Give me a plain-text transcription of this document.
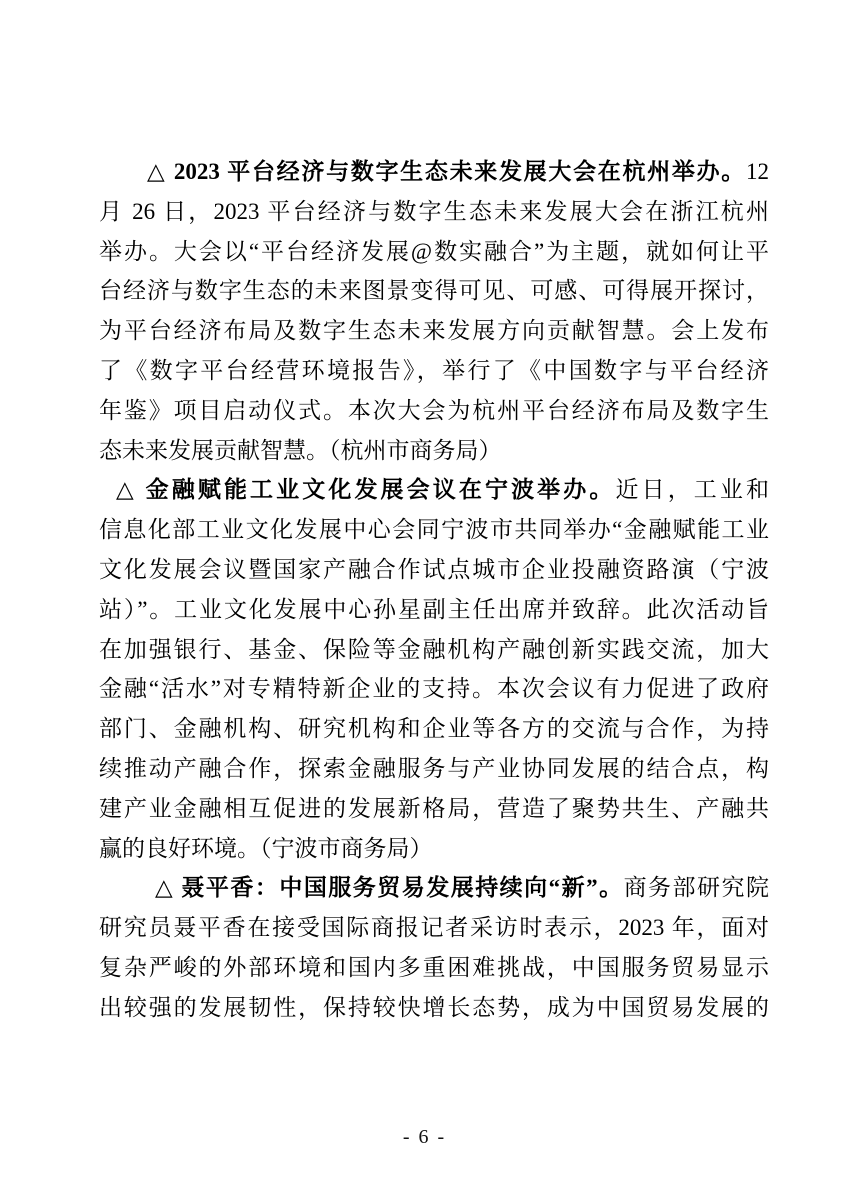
△ 2023 平台经济与数字生态未来发展大会在杭州举办。12
月 26 日，2023 平台经济与数字生态未来发展大会在浙江杭州
举办。大会以“平台经济发展@数实融合”为主题，就如何让平
台经济与数字生态的未来图景变得可见、可感、可得展开探讨，
为平台经济布局及数字生态未来发展方向贡献智慧。会上发布
了《数字平台经营环境报告》，举行了《中国数字与平台经济
年鉴》项目启动仪式。本次大会为杭州平台经济布局及数字生
态未来发展贡献智慧。（杭州市商务局）
△ 金融赋能工业文化发展会议在宁波举办。近日，工业和
信息化部工业文化发展中心会同宁波市共同举办“金融赋能工业
文化发展会议暨国家产融合作试点城市企业投融资路演（宁波
站）”。工业文化发展中心孙星副主任出席并致辞。此次活动旨
在加强银行、基金、保险等金融机构产融创新实践交流，加大
金融“活水”对专精特新企业的支持。本次会议有力促进了政府
部门、金融机构、研究机构和企业等各方的交流与合作，为持
续推动产融合作，探索金融服务与产业协同发展的结合点，构
建产业金融相互促进的发展新格局，营造了聚势共生、产融共
赢的良好环境。（宁波市商务局）
△ 聂平香：中国服务贸易发展持续向“新”。商务部研究院
研究员聂平香在接受国际商报记者采访时表示，2023 年，面对
复杂严峻的外部环境和国内多重困难挑战，中国服务贸易显示
出较强的发展韧性，保持较快增长态势，成为中国贸易发展的
- 6 -
